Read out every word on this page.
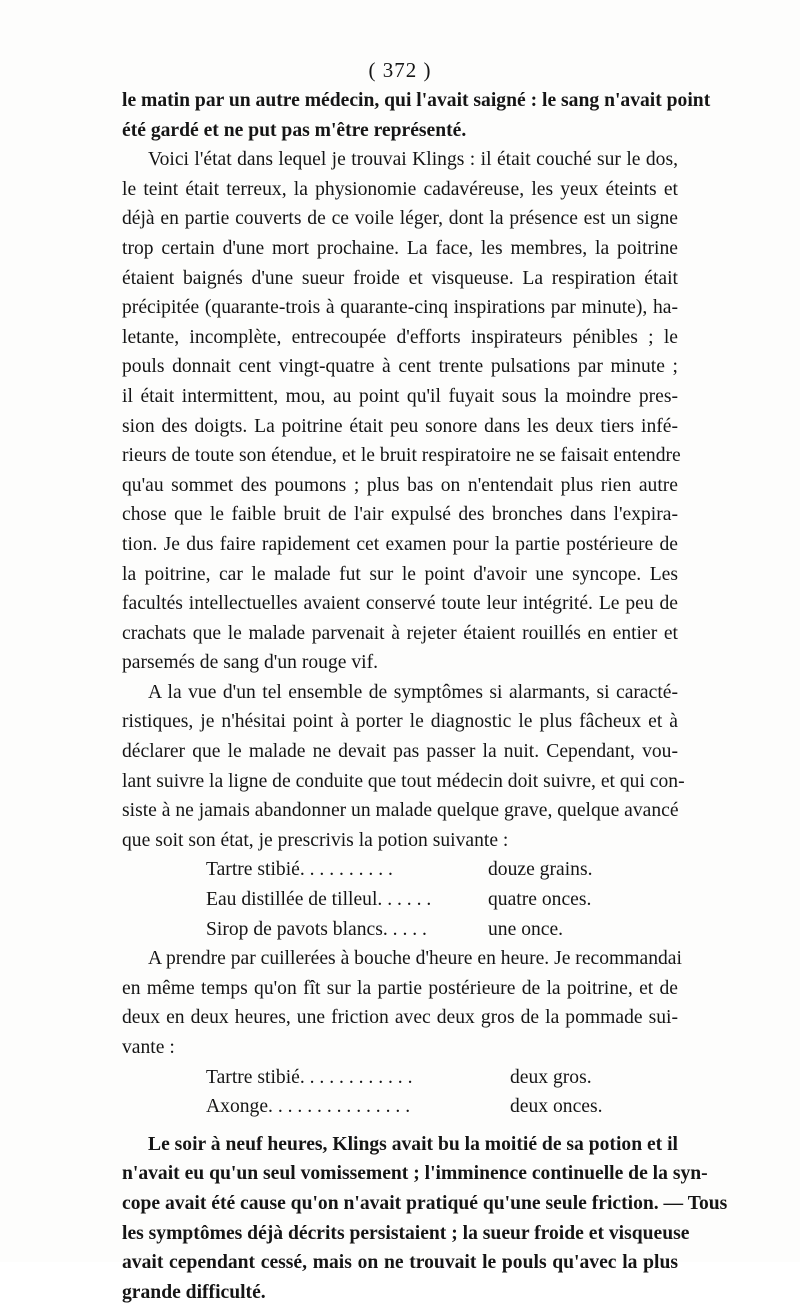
( 372 )
le matin par un autre médecin, qui l'avait saigné : le sang n'avait point
été gardé et ne put pas m'être représenté.
Voici l'état dans lequel je trouvai Klings : il était couché sur le dos,
le teint était terreux, la physionomie cadavéreuse, les yeux éteints et
déjà en partie couverts de ce voile léger, dont la présence est un signe
trop certain d'une mort prochaine. La face, les membres, la poitrine
étaient baignés d'une sueur froide et visqueuse. La respiration était
précipitée (quarante-trois à quarante-cinq inspirations par minute), ha-
letante, incomplète, entrecoupée d'efforts inspirateurs pénibles ; le
pouls donnait cent vingt-quatre à cent trente pulsations par minute ;
il était intermittent, mou, au point qu'il fuyait sous la moindre pres-
sion des doigts. La poitrine était peu sonore dans les deux tiers infé-
rieurs de toute son étendue, et le bruit respiratoire ne se faisait entendre
qu'au sommet des poumons ; plus bas on n'entendait plus rien autre
chose que le faible bruit de l'air expulsé des bronches dans l'expira-
tion. Je dus faire rapidement cet examen pour la partie postérieure de
la poitrine, car le malade fut sur le point d'avoir une syncope. Les
facultés intellectuelles avaient conservé toute leur intégrité. Le peu de
crachats que le malade parvenait à rejeter étaient rouillés en entier et
parsemés de sang d'un rouge vif.
A la vue d'un tel ensemble de symptômes si alarmants, si caracté-
ristiques, je n'hésitai point à porter le diagnostic le plus fâcheux et à
déclarer que le malade ne devait pas passer la nuit. Cependant, vou-
lant suivre la ligne de conduite que tout médecin doit suivre, et qui con-
siste à ne jamais abandonner un malade quelque grave, quelque avancé
que soit son état, je prescrivis la potion suivante :
Tartre stibié. . . . . . . . . .	douze grains.
Eau distillée de tilleul. . . . . .	quatre onces.
Sirop de pavots blancs. . . . .	une once.
A prendre par cuillerées à bouche d'heure en heure. Je recommandai
en même temps qu'on fît sur la partie postérieure de la poitrine, et de
deux en deux heures, une friction avec deux gros de la pommade sui-
vante :
Tartre stibié. . . . . . . . . . . .	deux gros.
Axonge. . . . . . . . . . . . . . .	deux onces.
Le soir à neuf heures, Klings avait bu la moitié de sa potion et il
n'avait eu qu'un seul vomissement ; l'imminence continuelle de la syn-
cope avait été cause qu'on n'avait pratiqué qu'une seule friction. — Tous
les symptômes déjà décrits persistaient ; la sueur froide et visqueuse
avait cependant cessé, mais on ne trouvait le pouls qu'avec la plus
grande difficulté.
